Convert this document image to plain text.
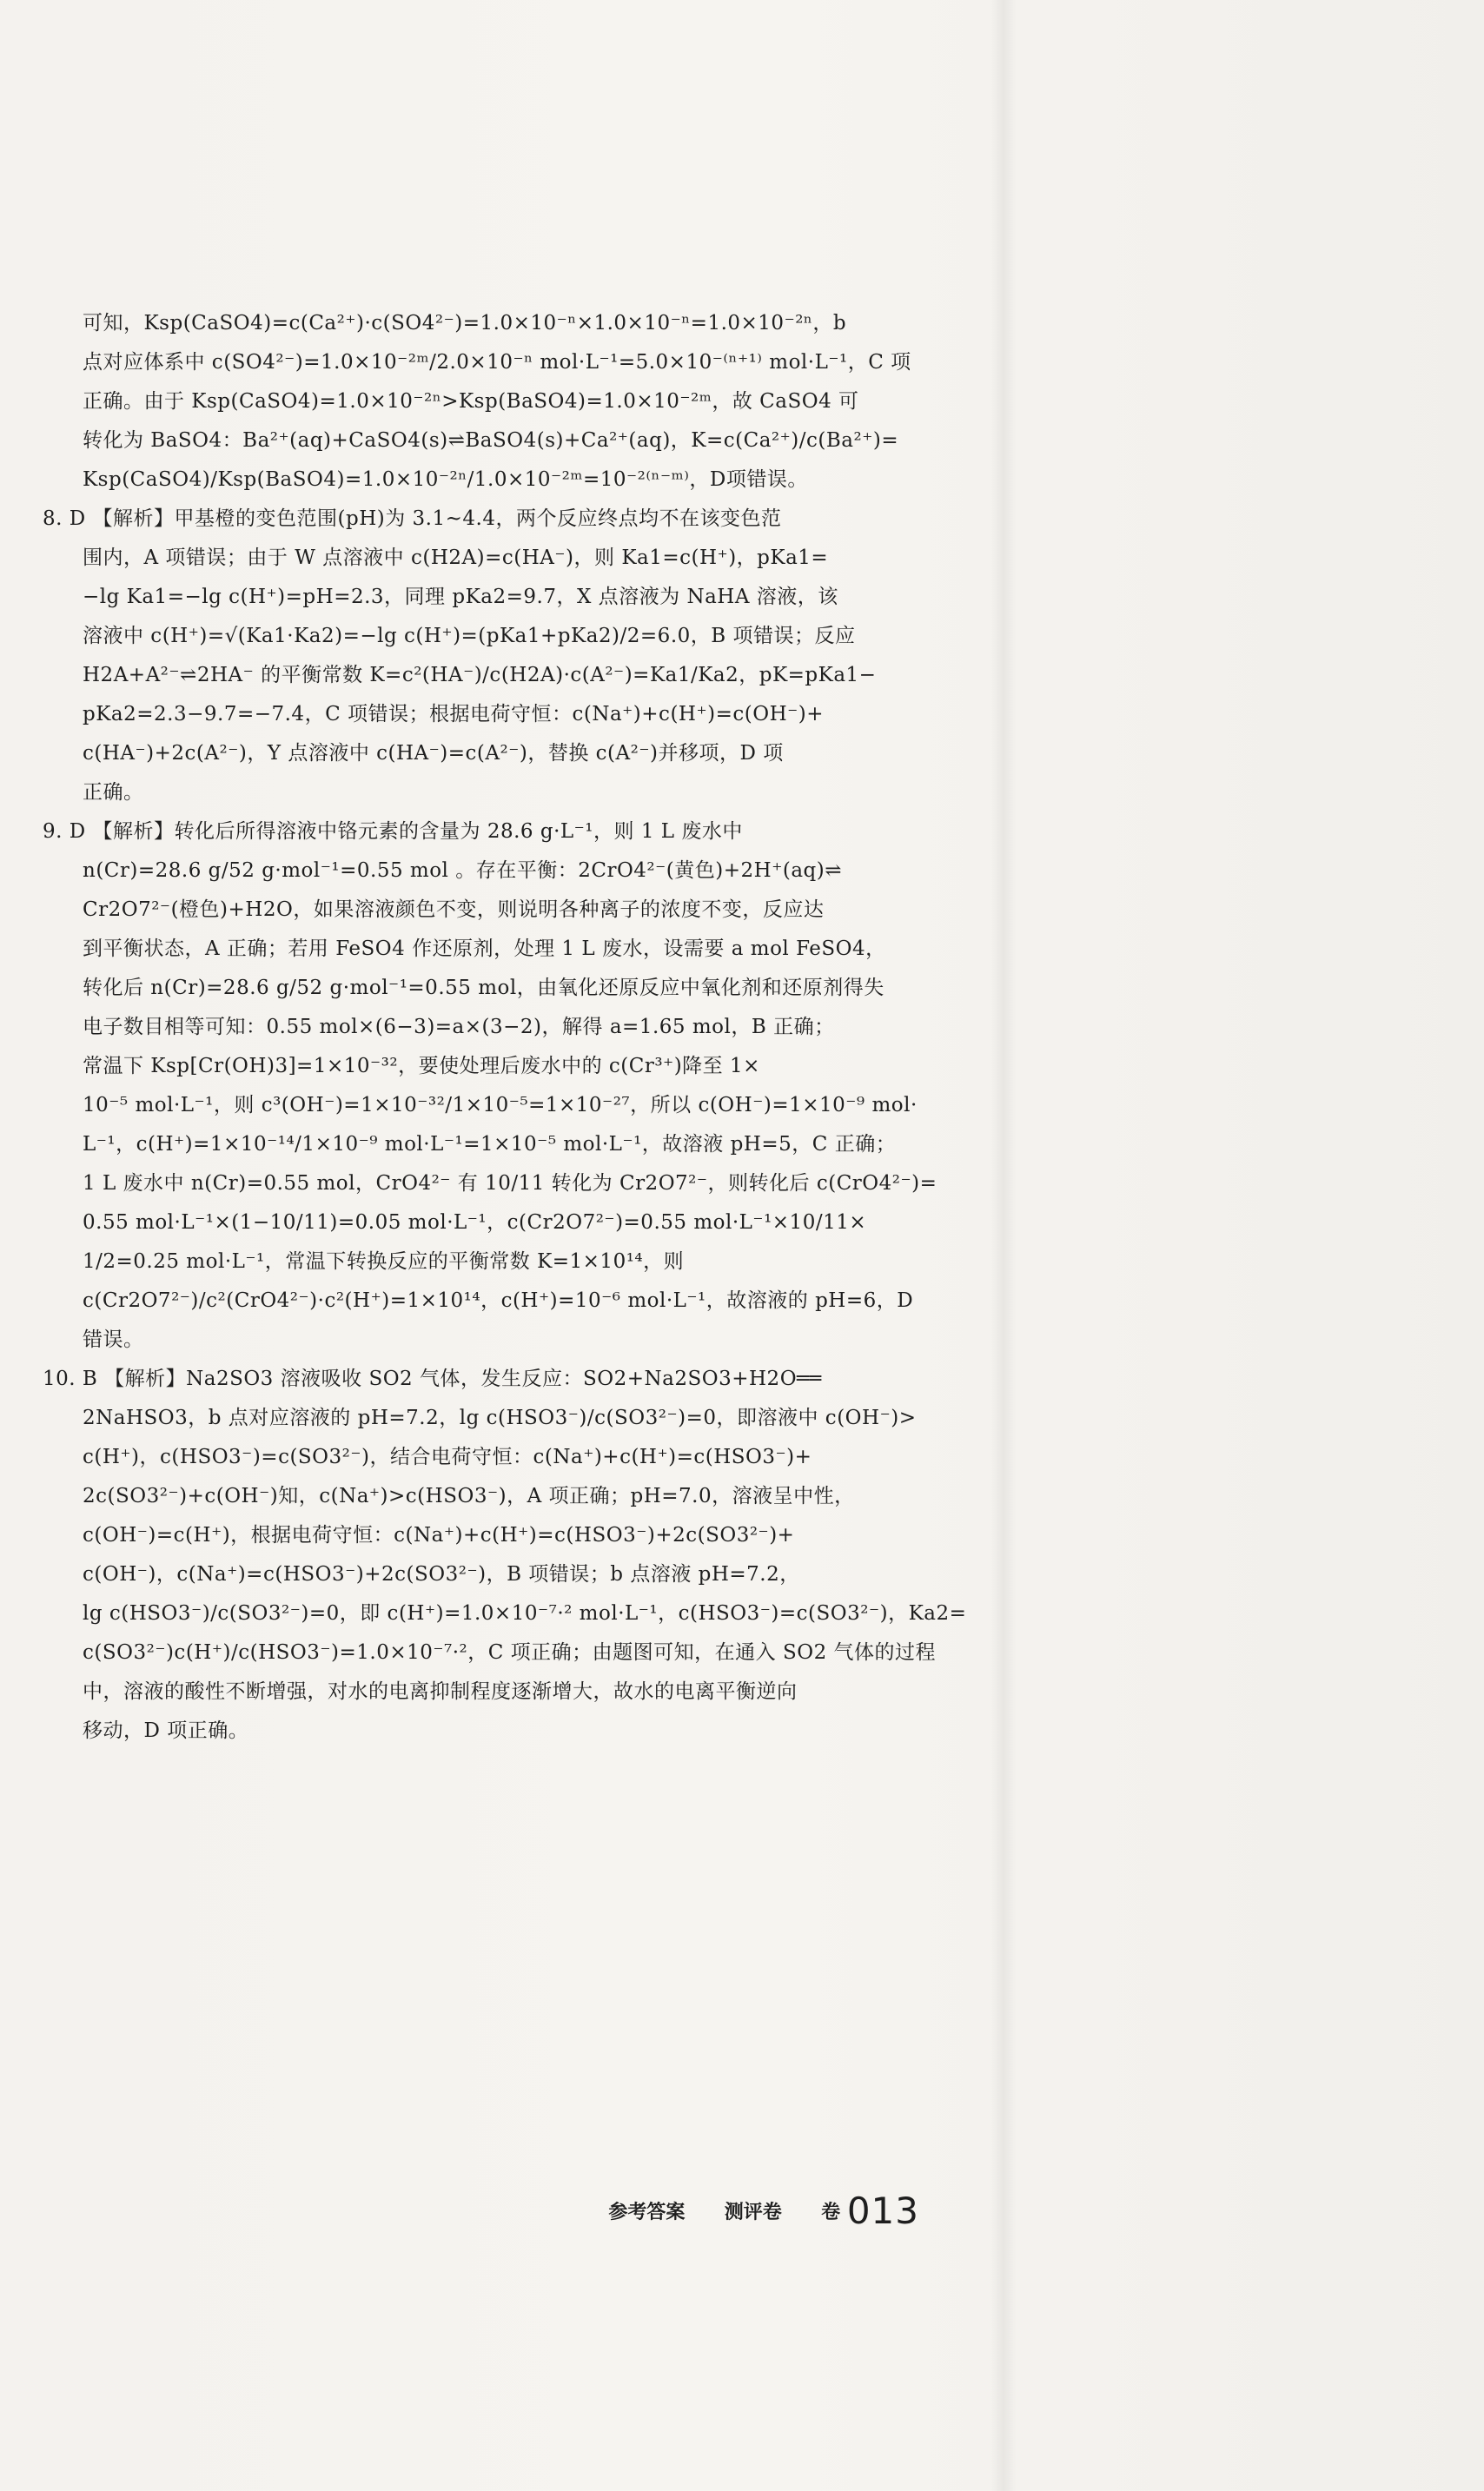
可知，Ksp(CaSO4)=c(Ca²⁺)·c(SO4²⁻)=1.0×10⁻ⁿ×1.0×10⁻ⁿ=1.0×10⁻²ⁿ，b
点对应体系中 c(SO4²⁻)=1.0×10⁻²ᵐ/2.0×10⁻ⁿ mol·L⁻¹=5.0×10⁻⁽ⁿ⁺¹⁾ mol·L⁻¹，C 项
正确。由于 Ksp(CaSO4)=1.0×10⁻²ⁿ>Ksp(BaSO4)=1.0×10⁻²ᵐ，故 CaSO4 可
转化为 BaSO4：Ba²⁺(aq)+CaSO4(s)⇌BaSO4(s)+Ca²⁺(aq)，K=c(Ca²⁺)/c(Ba²⁺)=
Ksp(CaSO4)/Ksp(BaSO4)=1.0×10⁻²ⁿ/1.0×10⁻²ᵐ=10⁻²⁽ⁿ⁻ᵐ⁾，D项错误。
8. D 【解析】甲基橙的变色范围(pH)为 3.1~4.4，两个反应终点均不在该变色范
围内，A 项错误；由于 W 点溶液中 c(H2A)=c(HA⁻)，则 Ka1=c(H⁺)，pKa1=
−lg Ka1=−lg c(H⁺)=pH=2.3，同理 pKa2=9.7，X 点溶液为 NaHA 溶液，该
溶液中 c(H⁺)=√(Ka1·Ka2)=−lg c(H⁺)=(pKa1+pKa2)/2=6.0，B 项错误；反应
H2A+A²⁻⇌2HA⁻ 的平衡常数 K=c²(HA⁻)/c(H2A)·c(A²⁻)=Ka1/Ka2，pK=pKa1−
pKa2=2.3−9.7=−7.4，C 项错误；根据电荷守恒：c(Na⁺)+c(H⁺)=c(OH⁻)+
c(HA⁻)+2c(A²⁻)，Y 点溶液中 c(HA⁻)=c(A²⁻)，替换 c(A²⁻)并移项，D 项
正确。
9. D 【解析】转化后所得溶液中铬元素的含量为 28.6 g·L⁻¹，则 1 L 废水中
n(Cr)=28.6 g/52 g·mol⁻¹=0.55 mol 。存在平衡：2CrO4²⁻(黄色)+2H⁺(aq)⇌
Cr2O7²⁻(橙色)+H2O，如果溶液颜色不变，则说明各种离子的浓度不变，反应达
到平衡状态，A 正确；若用 FeSO4 作还原剂，处理 1 L 废水，设需要 a mol FeSO4，
转化后 n(Cr)=28.6 g/52 g·mol⁻¹=0.55 mol，由氧化还原反应中氧化剂和还原剂得失
电子数目相等可知：0.55 mol×(6−3)=a×(3−2)，解得 a=1.65 mol，B 正确；
常温下 Ksp[Cr(OH)3]=1×10⁻³²，要使处理后废水中的 c(Cr³⁺)降至 1×
10⁻⁵ mol·L⁻¹，则 c³(OH⁻)=1×10⁻³²/1×10⁻⁵=1×10⁻²⁷，所以 c(OH⁻)=1×10⁻⁹ mol·
L⁻¹，c(H⁺)=1×10⁻¹⁴/1×10⁻⁹ mol·L⁻¹=1×10⁻⁵ mol·L⁻¹，故溶液 pH=5，C 正确；
1 L 废水中 n(Cr)=0.55 mol，CrO4²⁻ 有 10/11 转化为 Cr2O7²⁻，则转化后 c(CrO4²⁻)=
0.55 mol·L⁻¹×(1−10/11)=0.05 mol·L⁻¹，c(Cr2O7²⁻)=0.55 mol·L⁻¹×10/11×
1/2=0.25 mol·L⁻¹，常温下转换反应的平衡常数 K=1×10¹⁴，则
c(Cr2O7²⁻)/c²(CrO4²⁻)·c²(H⁺)=1×10¹⁴，c(H⁺)=10⁻⁶ mol·L⁻¹，故溶液的 pH=6，D
错误。
10. B 【解析】Na2SO3 溶液吸收 SO2 气体，发生反应：SO2+Na2SO3+H2O══
2NaHSO3，b 点对应溶液的 pH=7.2，lg c(HSO3⁻)/c(SO3²⁻)=0，即溶液中 c(OH⁻)>
c(H⁺)，c(HSO3⁻)=c(SO3²⁻)，结合电荷守恒：c(Na⁺)+c(H⁺)=c(HSO3⁻)+
2c(SO3²⁻)+c(OH⁻)知，c(Na⁺)>c(HSO3⁻)，A 项正确；pH=7.0，溶液呈中性，
c(OH⁻)=c(H⁺)，根据电荷守恒：c(Na⁺)+c(H⁺)=c(HSO3⁻)+2c(SO3²⁻)+
c(OH⁻)，c(Na⁺)=c(HSO3⁻)+2c(SO3²⁻)，B 项错误；b 点溶液 pH=7.2，
lg c(HSO3⁻)/c(SO3²⁻)=0，即 c(H⁺)=1.0×10⁻⁷·² mol·L⁻¹，c(HSO3⁻)=c(SO3²⁻)，Ka2=
c(SO3²⁻)c(H⁺)/c(HSO3⁻)=1.0×10⁻⁷·²，C 项正确；由题图可知，在通入 SO2 气体的过程
中，溶液的酸性不断增强，对水的电离抑制程度逐渐增大，故水的电离平衡逆向
移动，D 项正确。
参考答案 测评卷 卷 013
